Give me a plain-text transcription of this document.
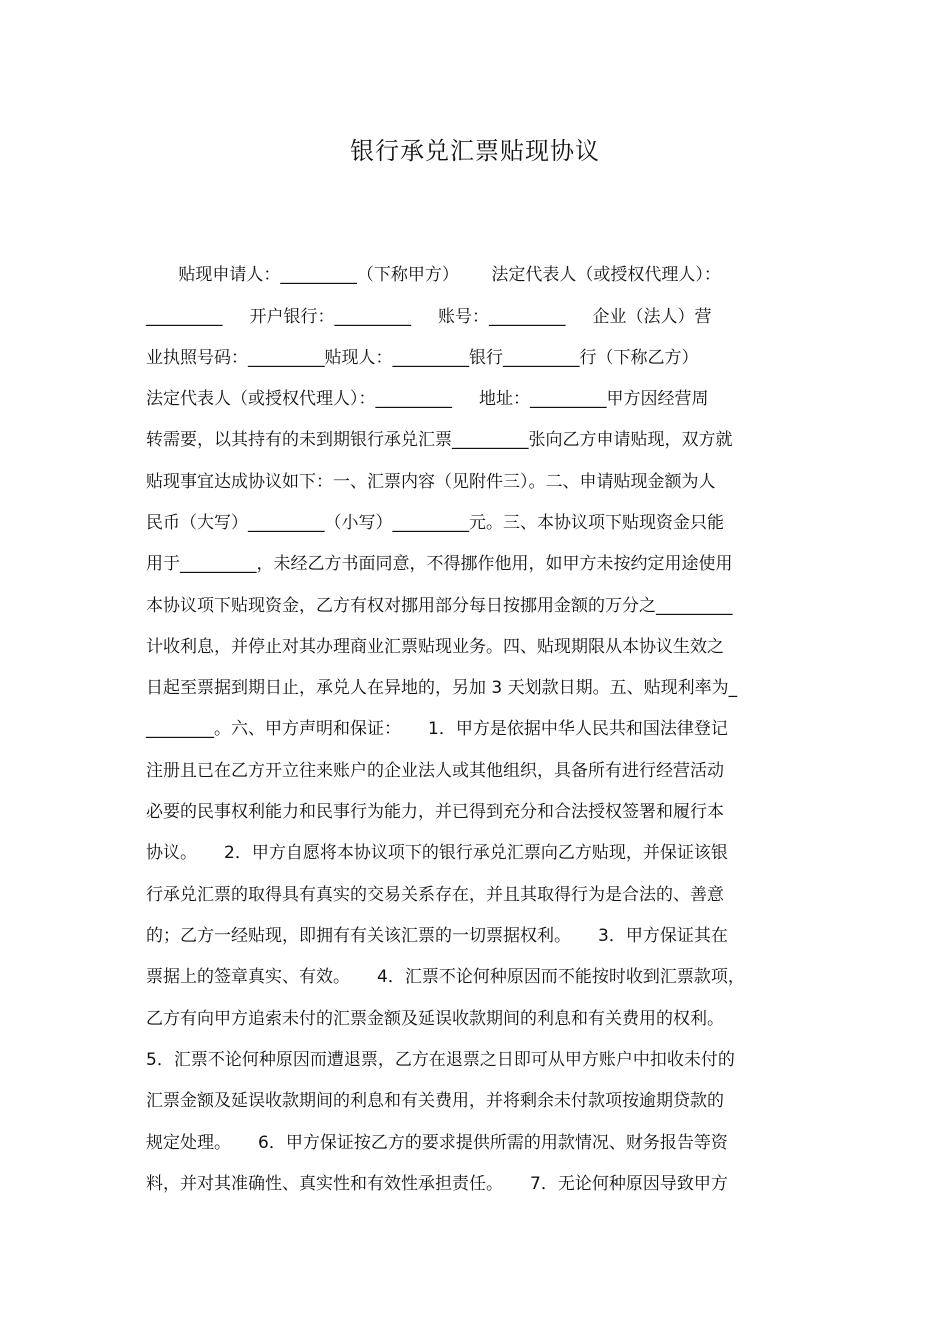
银行承兑汇票贴现协议
贴现申请人：_________（下称甲方）      法定代表人（或授权代理人）：
_________     开户银行：_________     账号：_________     企业（法人）营
业执照号码：_________贴现人：_________银行_________行（下称乙方）
法定代表人（或授权代理人）：_________     地址：_________甲方因经营周
转需要，以其持有的未到期银行承兑汇票_________张向乙方申请贴现，双方就
贴现事宜达成协议如下：一、汇票内容（见附件三）。二、申请贴现金额为人
民币（大写）_________（小写）_________元。三、本协议项下贴现资金只能
用于_________，未经乙方书面同意，不得挪作他用，如甲方未按约定用途使用
本协议项下贴现资金，乙方有权对挪用部分每日按挪用金额的万分之_________
计收利息，并停止对其办理商业汇票贴现业务。四、贴现期限从本协议生效之
日起至票据到期日止，承兑人在异地的，另加 3 天划款日期。五、贴现利率为_
________。六、甲方声明和保证：     1．甲方是依据中华人民共和国法律登记
注册且已在乙方开立往来账户的企业法人或其他组织，具备所有进行经营活动
必要的民事权利能力和民事行为能力，并已得到充分和合法授权签署和履行本
协议。     2．甲方自愿将本协议项下的银行承兑汇票向乙方贴现，并保证该银
行承兑汇票的取得具有真实的交易关系存在，并且其取得行为是合法的、善意
的；乙方一经贴现，即拥有有关该汇票的一切票据权利。     3．甲方保证其在
票据上的签章真实、有效。     4．汇票不论何种原因而不能按时收到汇票款项，
乙方有向甲方追索未付的汇票金额及延误收款期间的利息和有关费用的权利。
5．汇票不论何种原因而遭退票，乙方在退票之日即可从甲方账户中扣收未付的
汇票金额及延误收款期间的利息和有关费用，并将剩余未付款项按逾期贷款的
规定处理。     6．甲方保证按乙方的要求提供所需的用款情况、财务报告等资
料，并对其准确性、真实性和有效性承担责任。     7．无论何种原因导致甲方
